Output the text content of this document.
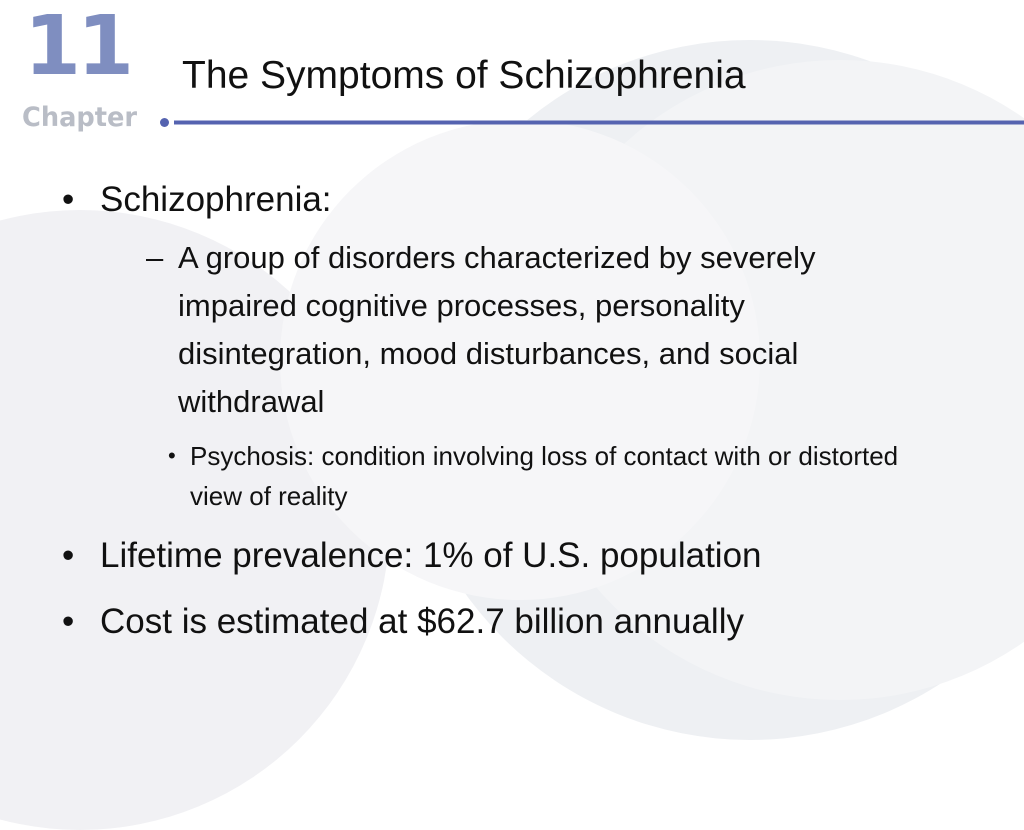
11
Chapter
The Symptoms of Schizophrenia
• Schizophrenia:
– A group of disorders characterized by severely impaired cognitive processes, personality disintegration, mood disturbances, and social withdrawal
• Psychosis: condition involving loss of contact with or distorted view of reality
• Lifetime prevalence: 1% of U.S. population
• Cost is estimated at $62.7 billion annually
